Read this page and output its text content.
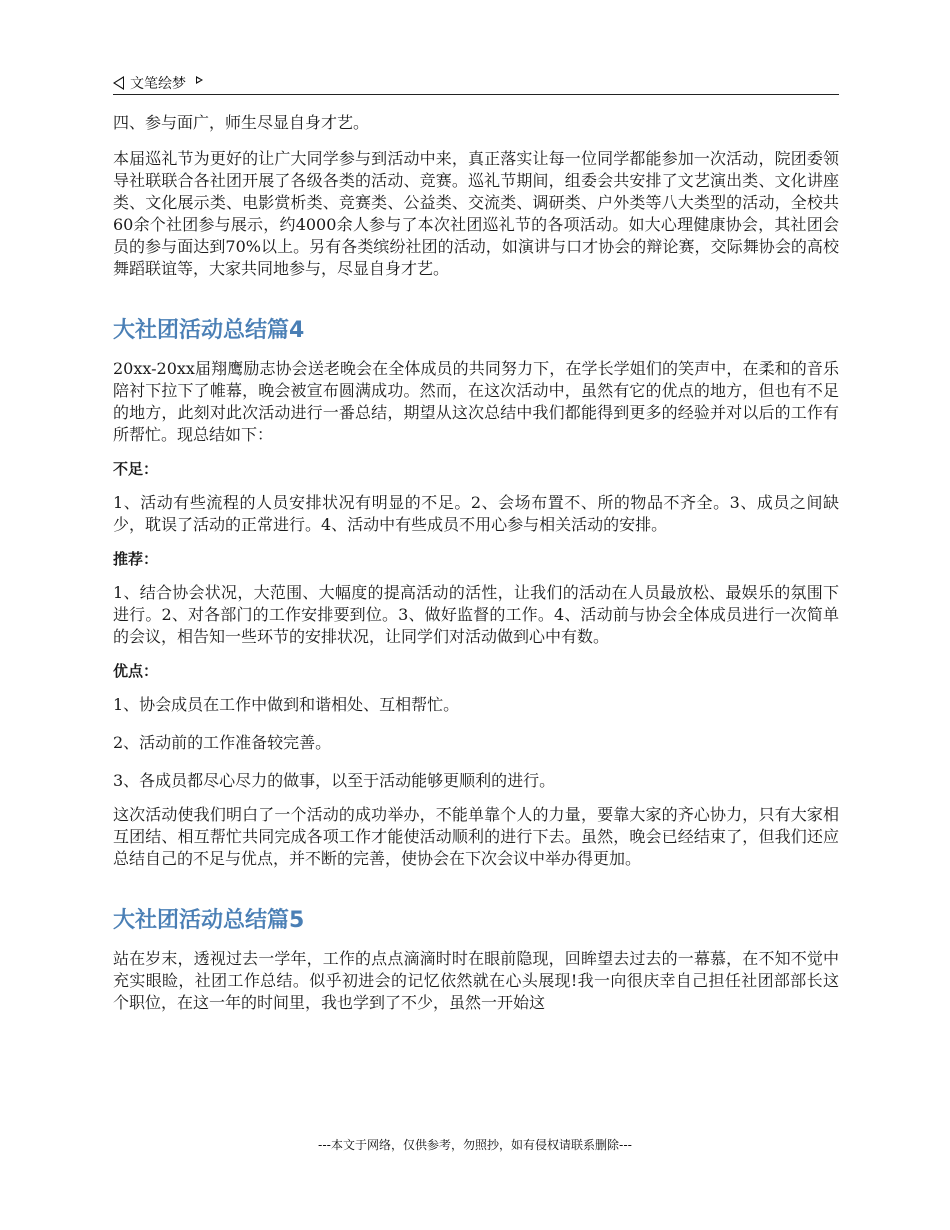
文笔绘梦

四、参与面广，师生尽显自身才艺。

本届巡礼节为更好的让广大同学参与到活动中来，真正落实让每一位同学都能参加一次活动，院团委领导社联联合各社团开展了各级各类的活动、竞赛。巡礼节期间，组委会共安排了文艺演出类、文化讲座类、文化展示类、电影赏析类、竞赛类、公益类、交流类、调研类、户外类等八大类型的活动，全校共60余个社团参与展示，约4000余人参与了本次社团巡礼节的各项活动。如大心理健康协会，其社团会员的参与面达到70%以上。另有各类缤纷社团的活动，如演讲与口才协会的辩论赛，交际舞协会的高校舞蹈联谊等，大家共同地参与，尽显自身才艺。

大社团活动总结篇4

20xx-20xx届翔鹰励志协会送老晚会在全体成员的共同努力下，在学长学姐们的笑声中，在柔和的音乐陪衬下拉下了帷幕，晚会被宣布圆满成功。然而，在这次活动中，虽然有它的优点的地方，但也有不足的地方，此刻对此次活动进行一番总结，期望从这次总结中我们都能得到更多的经验并对以后的工作有所帮忙。现总结如下：

不足：

1、活动有些流程的人员安排状况有明显的不足。2、会场布置不、所的物品不齐全。3、成员之间缺少，耽误了活动的正常进行。4、活动中有些成员不用心参与相关活动的安排。

推荐：

1、结合协会状况，大范围、大幅度的提高活动的活性，让我们的活动在人员最放松、最娱乐的氛围下进行。2、对各部门的工作安排要到位。3、做好监督的工作。4、活动前与协会全体成员进行一次简单的会议，相告知一些环节的安排状况，让同学们对活动做到心中有数。

优点：

1、协会成员在工作中做到和谐相处、互相帮忙。

2、活动前的工作准备较完善。

3、各成员都尽心尽力的做事，以至于活动能够更顺利的进行。

这次活动使我们明白了一个活动的成功举办，不能单靠个人的力量，要靠大家的齐心协力，只有大家相互团结、相互帮忙共同完成各项工作才能使活动顺利的进行下去。虽然，晚会已经结束了，但我们还应总结自己的不足与优点，并不断的完善，使协会在下次会议中举办得更加。

大社团活动总结篇5

站在岁末，透视过去一学年，工作的点点滴滴时时在眼前隐现，回眸望去过去的一幕慕，在不知不觉中充实眼睑，社团工作总结。似乎初进会的记忆依然就在心头展现!我一向很庆幸自己担任社团部部长这个职位，在这一年的时间里，我也学到了不少，虽然一开始这

---本文于网络，仅供参考，勿照抄，如有侵权请联系删除---
